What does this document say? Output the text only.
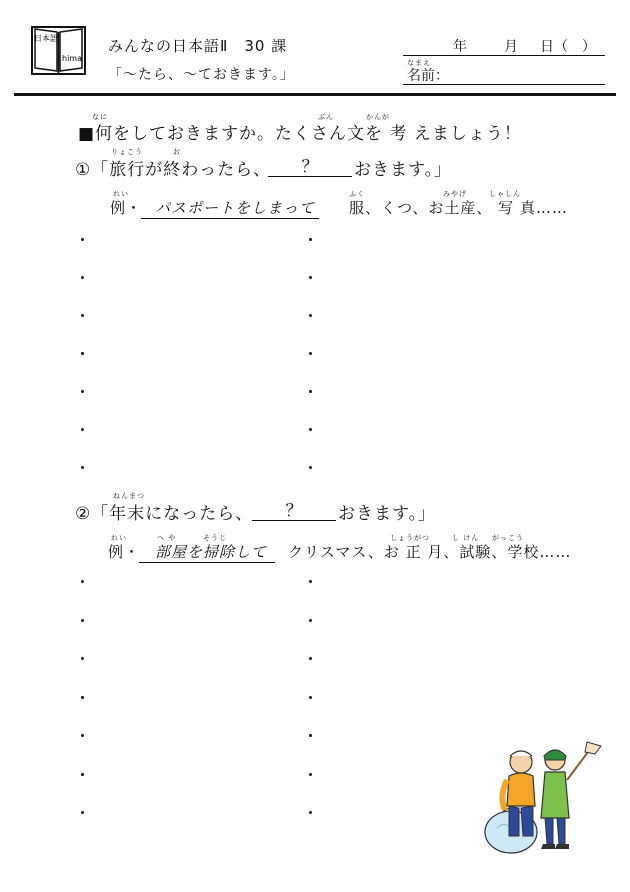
日本語
hima
みんなの日本語Ⅱ　30 課
「～たら、～ておきます。」
年	月 日（　）
なまえ
名前：
なに	ぶん	かんが
■何をしておきますか。たくさん文を 考 えましょう！
りょこう	お
①「旅行が終わったら、	？	おきます。」
れい
例・ パスポートをしまって
ふく	みやげ	しゃしん
服、くつ、お土産、 写 真……
ねんまつ
②「年末になったら、	？	おきます。」
れい	へ や	そうじ
例・ 部屋を掃除して
しょうがつ	し けん がっこう
クリスマス、お 正 月、試験、学校……
